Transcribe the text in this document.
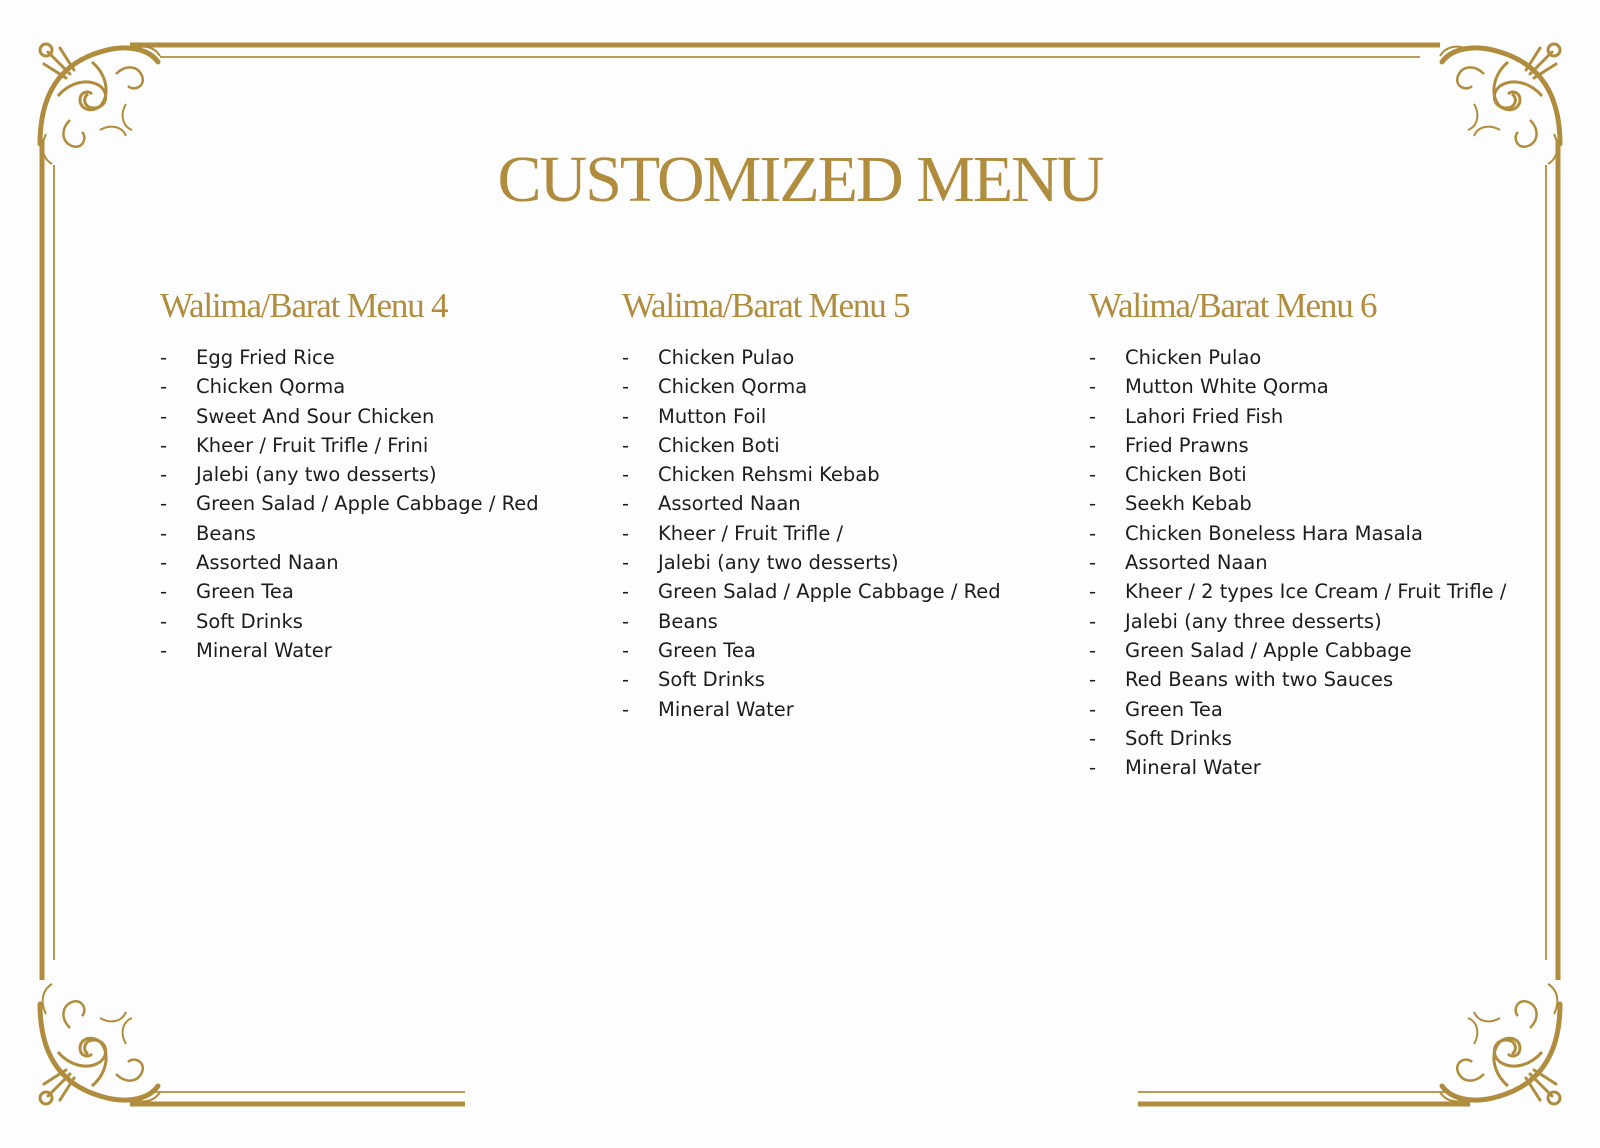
CUSTOMIZED MENU
Walima/Barat Menu 4
- Egg Fried Rice
- Chicken Qorma
- Sweet And Sour Chicken
- Kheer / Fruit Trifle / Frini
- Jalebi (any two desserts)
- Green Salad / Apple Cabbage / Red
- Beans
- Assorted Naan
- Green Tea
- Soft Drinks
- Mineral Water
Walima/Barat Menu 5
- Chicken Pulao
- Chicken Qorma
- Mutton Foil
- Chicken Boti
- Chicken Rehsmi Kebab
- Assorted Naan
- Kheer / Fruit Trifle /
- Jalebi (any two desserts)
- Green Salad / Apple Cabbage / Red
- Beans
- Green Tea
- Soft Drinks
- Mineral Water
Walima/Barat Menu 6
- Chicken Pulao
- Mutton White Qorma
- Lahori Fried Fish
- Fried Prawns
- Chicken Boti
- Seekh Kebab
- Chicken Boneless Hara Masala
- Assorted Naan
- Kheer / 2 types Ice Cream / Fruit Trifle /
- Jalebi (any three desserts)
- Green Salad / Apple Cabbage
- Red Beans with two Sauces
- Green Tea
- Soft Drinks
- Mineral Water
